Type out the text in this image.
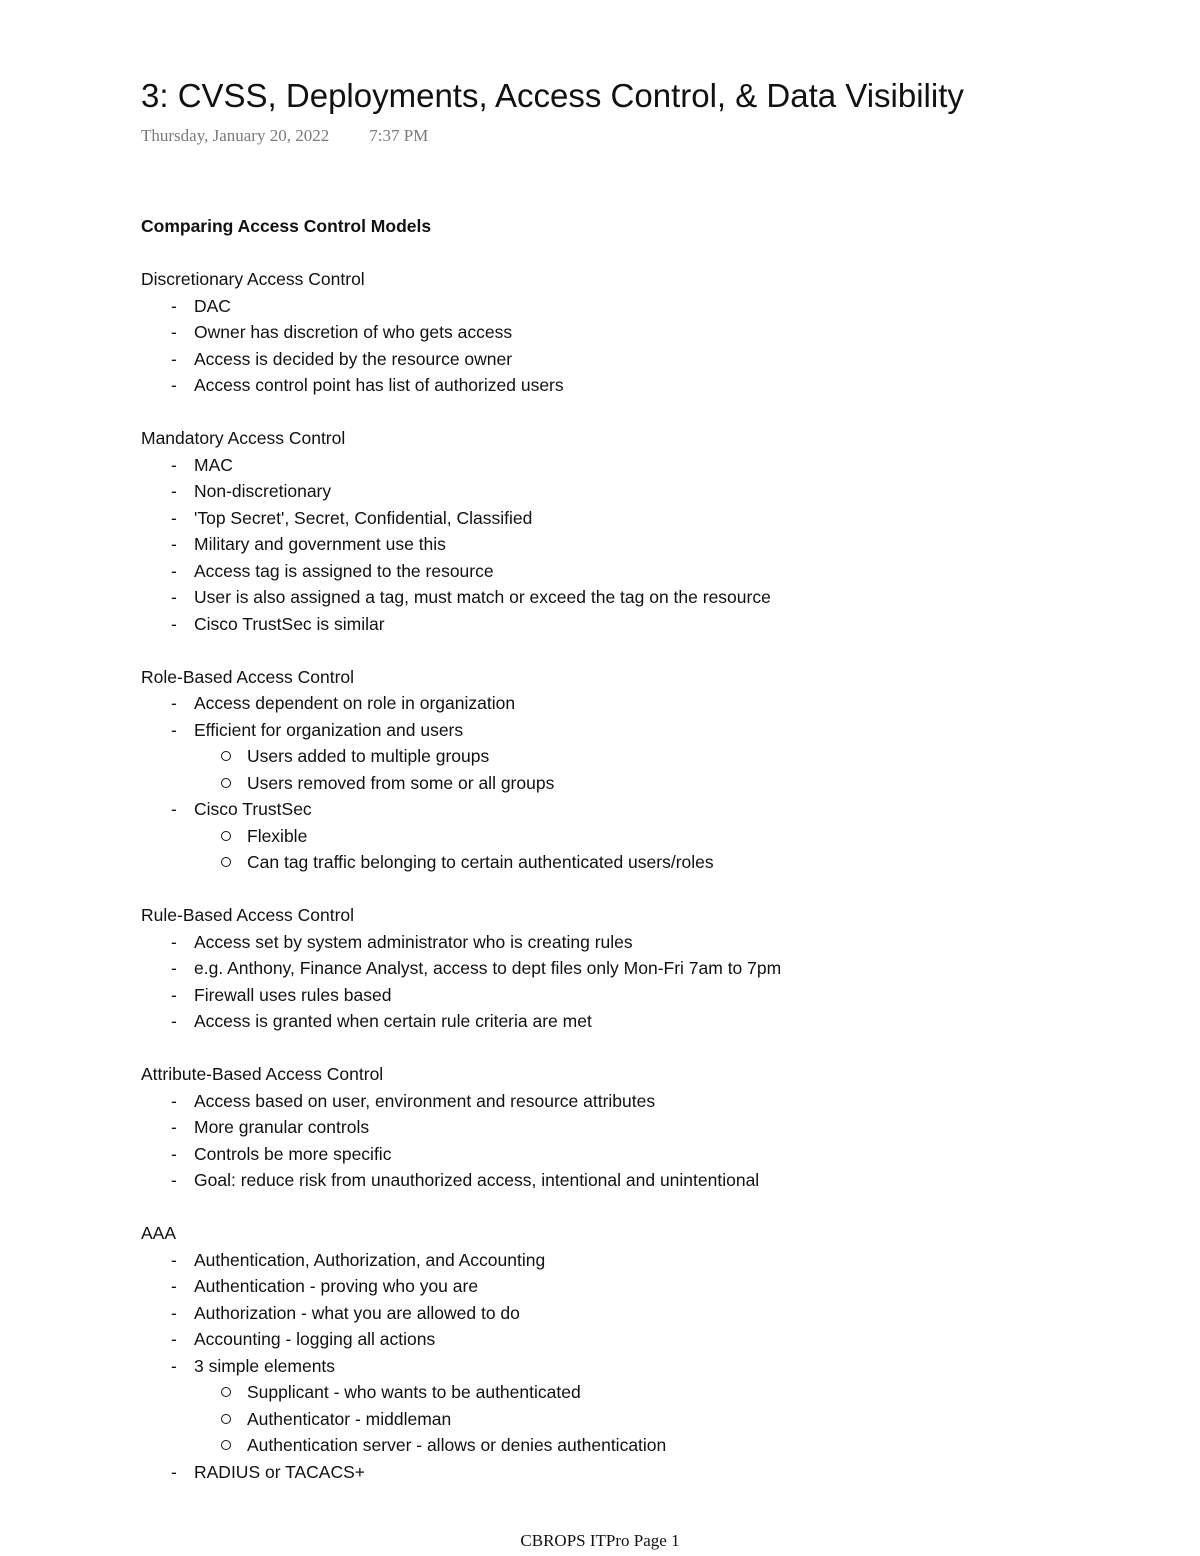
3: CVSS, Deployments, Access Control, & Data Visibility
Thursday, January 20, 2022 7:37 PM
Comparing Access Control Models
Discretionary Access Control
- DAC
- Owner has discretion of who gets access
- Access is decided by the resource owner
- Access control point has list of authorized users
Mandatory Access Control
- MAC
- Non-discretionary
- 'Top Secret', Secret, Confidential, Classified
- Military and government use this
- Access tag is assigned to the resource
- User is also assigned a tag, must match or exceed the tag on the resource
- Cisco TrustSec is similar
Role-Based Access Control
- Access dependent on role in organization
- Efficient for organization and users
Users added to multiple groups
Users removed from some or all groups
- Cisco TrustSec
Flexible
Can tag traffic belonging to certain authenticated users/roles
Rule-Based Access Control
- Access set by system administrator who is creating rules
- e.g. Anthony, Finance Analyst, access to dept files only Mon-Fri 7am to 7pm
- Firewall uses rules based
- Access is granted when certain rule criteria are met
Attribute-Based Access Control
- Access based on user, environment and resource attributes
- More granular controls
- Controls be more specific
- Goal: reduce risk from unauthorized access, intentional and unintentional
AAA
- Authentication, Authorization, and Accounting
- Authentication - proving who you are
- Authorization - what you are allowed to do
- Accounting - logging all actions
- 3 simple elements
Supplicant - who wants to be authenticated
Authenticator - middleman
Authentication server - allows or denies authentication
- RADIUS or TACACS+
CBROPS ITPro Page 1
